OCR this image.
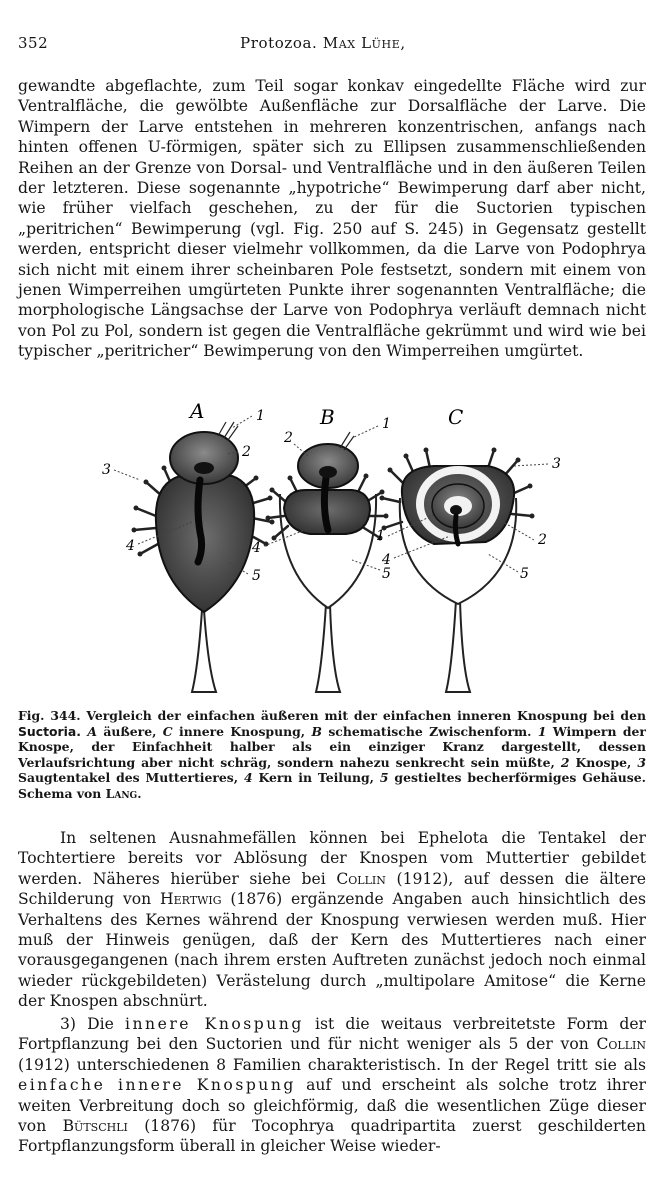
352	Protozoa. Max Lühe,

gewandte abgeflachte, zum Teil sogar konkav eingedellte Fläche wird zur Ventralfläche, die gewölbte Außenfläche zur Dorsalfläche der Larve. Die Wimpern der Larve entstehen in mehreren konzentrischen, anfangs nach hinten offenen U-förmigen, später sich zu Ellipsen zusammenschließenden Reihen an der Grenze von Dorsal- und Ventralfläche und in den äußeren Teilen der letzteren. Diese sogenannte „hypotriche“ Bewimperung darf aber nicht, wie früher vielfach geschehen, zu der für die Suctorien typischen „peritrichen“ Bewimperung (vgl. Fig. 250 auf S. 245) in Gegensatz gestellt werden, entspricht dieser vielmehr vollkommen, da die Larve von Podophrya sich nicht mit einem ihrer scheinbaren Pole festsetzt, sondern mit einem von jenen Wimperreihen umgürteten Punkte ihrer sogenannten Ventralfläche; die morphologische Längsachse der Larve von Podophrya verläuft demnach nicht von Pol zu Pol, sondern ist gegen die Ventralfläche gekrümmt und wird wie bei typischer „peritricher“ Bewimperung von den Wimperreihen umgürtet.

A	B	C
1
2
3
4
5
1
2
4
5
3
1	2
4
5

Fig. 344. Vergleich der einfachen äußeren mit der einfachen inneren Knospung bei den Suctoria. A äußere, C innere Knospung, B schematische Zwischenform. 1 Wimpern der Knospe, der Einfachheit halber als ein einziger Kranz dargestellt, dessen Verlaufsrichtung aber nicht schräg, sondern nahezu senkrecht sein müßte, 2 Knospe, 3 Saugtentakel des Muttertieres, 4 Kern in Teilung, 5 gestieltes becherförmiges Gehäuse. Schema von Lang.

In seltenen Ausnahmefällen können bei Ephelota die Tentakel der Tochtertiere bereits vor Ablösung der Knospen vom Muttertier gebildet werden. Näheres hierüber siehe bei Collin (1912), auf dessen die ältere Schilderung von Hertwig (1876) ergänzende Angaben auch hinsichtlich des Verhaltens des Kernes während der Knospung verwiesen werden muß. Hier muß der Hinweis genügen, daß der Kern des Muttertieres nach einer vorausgegangenen (nach ihrem ersten Auftreten zunächst jedoch noch einmal wieder rückgebildeten) Verästelung durch „multipolare Amitose“ die Kerne der Knospen abschnürt.

3) Die innere Knospung ist die weitaus verbreitetste Form der Fortpflanzung bei den Suctorien und für nicht weniger als 5 der von Collin (1912) unterschiedenen 8 Familien charakteristisch. In der Regel tritt sie als einfache innere Knospung auf und erscheint als solche trotz ihrer weiten Verbreitung doch so gleichförmig, daß die wesentlichen Züge dieser von Bütschli (1876) für Tocophrya quadripartita zuerst geschilderten Fortpflanzungsform überall in gleicher Weise wieder-
